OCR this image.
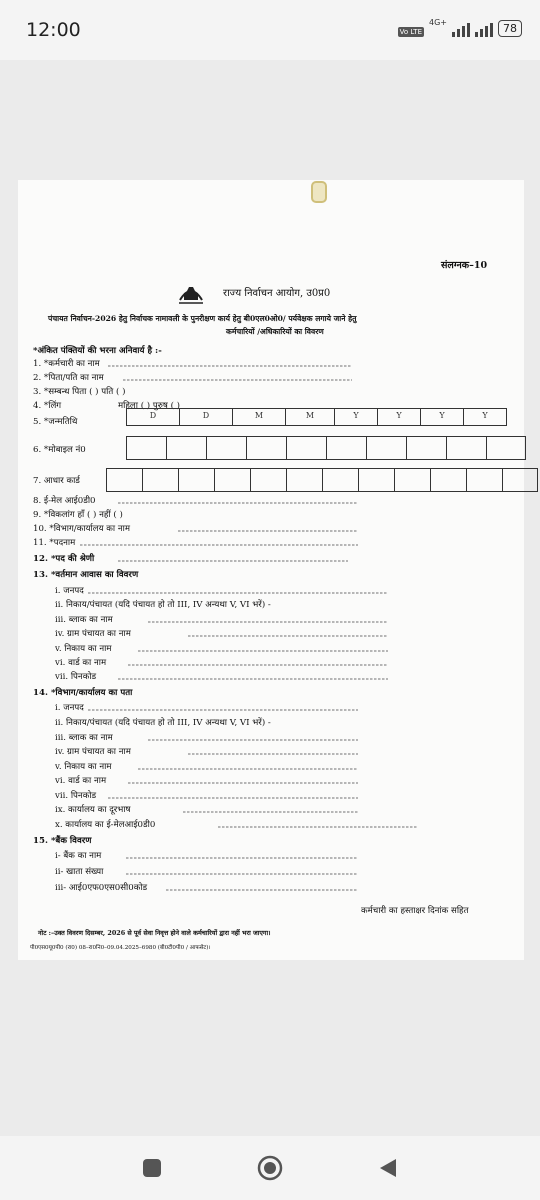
12:00	Vo LTE
4G+	78
संलग्नक–10
राज्य निर्वाचन आयोग, उ0प्र0
पंचायत निर्वाचन-2026 हेतु निर्वाचक नामावली के पुनरीक्षण कार्य हेतु बी0एल0ओ0/ पर्यवेक्षक लगाये जाने हेतु
कर्मचारियों /अधिकारियों का विवरण
*अंकित पंक्तियों की भरना अनिवार्य है :-
1. *कर्मचारी का नाम
2. *पिता/पति का नाम
3. *सम्बन्ध पिता ( ) पति ( )
4. *लिंग	महिला ( ) पुरुष ( )
5. *जन्मतिथि
D	D	M	M	Y	Y	Y	Y
6. *मोबाइल नं0
7. आधार कार्ड
8. ई-मेल आई0डी0
9. *विकलांग हाँ ( ) नहीं ( )
10. *विभाग/कार्यालय का नाम
11. *पदनाम
12. *पद की श्रेणी
13. *वर्तमान आवास का विवरण
i. जनपद
ii. निकाय/पंचायत (यदि पंचायत हो तो III, IV अन्यथा V, VI भरें) -
iii. ब्लाक का नाम
iv. ग्राम पंचायत का नाम
v. निकाय का नाम
vi. वार्ड का नाम
vii. पिनकोड
14. *विभाग/कार्यालय का पता
i. जनपद
ii. निकाय/पंचायत (यदि पंचायत हो तो III, IV अन्यथा V, VI भरें) -
iii. ब्लाक का नाम
iv. ग्राम पंचायत का नाम
v. निकाय का नाम
vi. वार्ड का नाम
vii. पिनकोड
ix. कार्यालय का दूरभाष
x. कार्यालय का ई-मेलआई0डी0
15. *बैंक विवरण
i- बैंक का नाम
ii- खाता संख्या
iii- आई0एफ0एस0सी0कोड
कर्मचारी का हस्ताक्षर दिनांक सहित
नोट :–उक्त विवरण दिसम्बर, 2026 से पूर्व सेवा निवृत्त होने वाले कर्मचारियों द्वारा नहीं भरा जाएगा।
पी0एस0यू0पी0 (रा0) 08–रा0नि0–09.04.2025–6980 (बी0टी0पी0 / आफसेट)।
